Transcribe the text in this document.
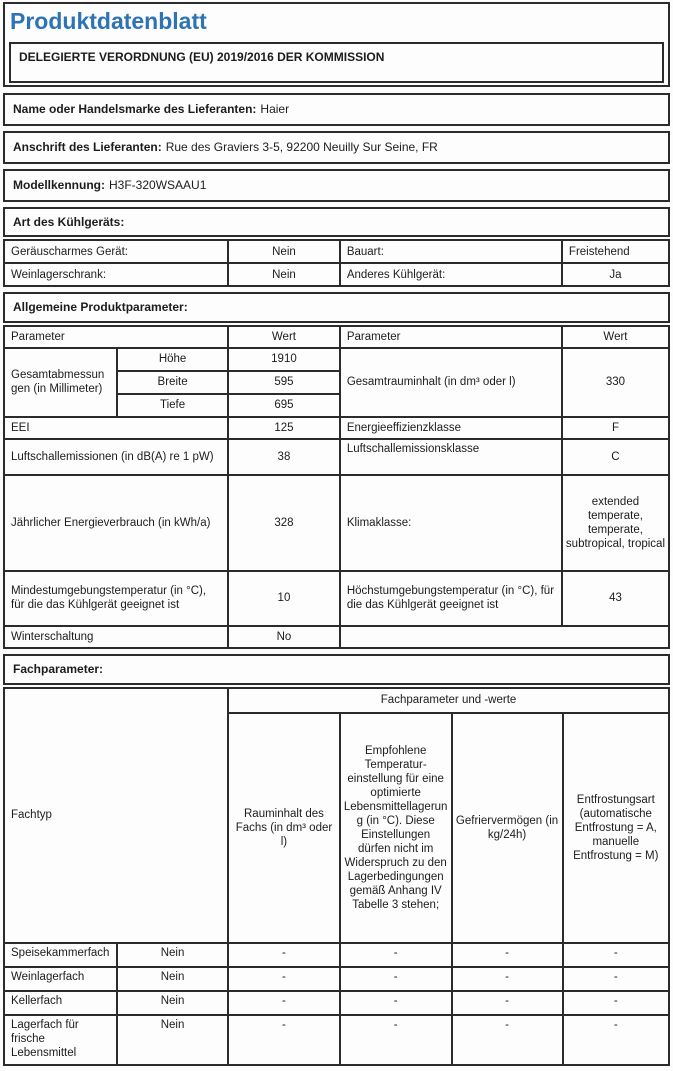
Produktdatenblatt
DELEGIERTE VERORDNUNG (EU) 2019/2016 DER KOMMISSION
Name oder Handelsmarke des Lieferanten: Haier
Anschrift des Lieferanten: Rue des Graviers 3-5, 92200 Neuilly Sur Seine, FR
Modellkennung: H3F-320WSAAU1
Art des Kühlgeräts:
Geräuscharmes Gerät:	Nein	Bauart:	Freistehend
Weinlagerschrank:	Nein	Anderes Kühlgerät:	Ja
Allgemeine Produktparameter:
Parameter		Wert	Parameter	Wert
Gesamtabmessungen (in Millimeter)	Höhe	1910	Gesamtrauminhalt (in dm³ oder l)	330
	Breite	595		
	Tiefe	695		
EEI		125	Energieeffizienzklasse	F
Luftschallemissionen (in dB(A) re 1 pW)		38	Luftschallemissionsklasse	C
Jährlicher Energieverbrauch (in kWh/a)		328	Klimaklasse:	extended temperate, temperate, subtropical, tropical
Mindestumgebungstemperatur (in °C), für die das Kühlgerät geeignet ist		10	Höchstumgebungstemperatur (in °C), für die das Kühlgerät geeignet ist	43
Winterschaltung		No		
Fachparameter:
Fachtyp		Fachparameter und -werte			
		Rauminhalt des Fachs (in dm³ oder l)	Empfohlene Temperatur-einstellung für eine optimierte Lebensmittellagerung (in °C). Diese Einstellungen dürfen nicht im Widerspruch zu den Lagerbedingungen gemäß Anhang IV Tabelle 3 stehen;	Gefriervermögen (in kg/24h)	Entfrostungsart (automatische Entfrostung = A, manuelle Entfrostung = M)
Speisekammerfach	Nein	-	-	-	-
Weinlagerfach	Nein	-	-	-	-
Kellerfach	Nein	-	-	-	-
Lagerfach für frische Lebensmittel	Nein	-	-	-	-
